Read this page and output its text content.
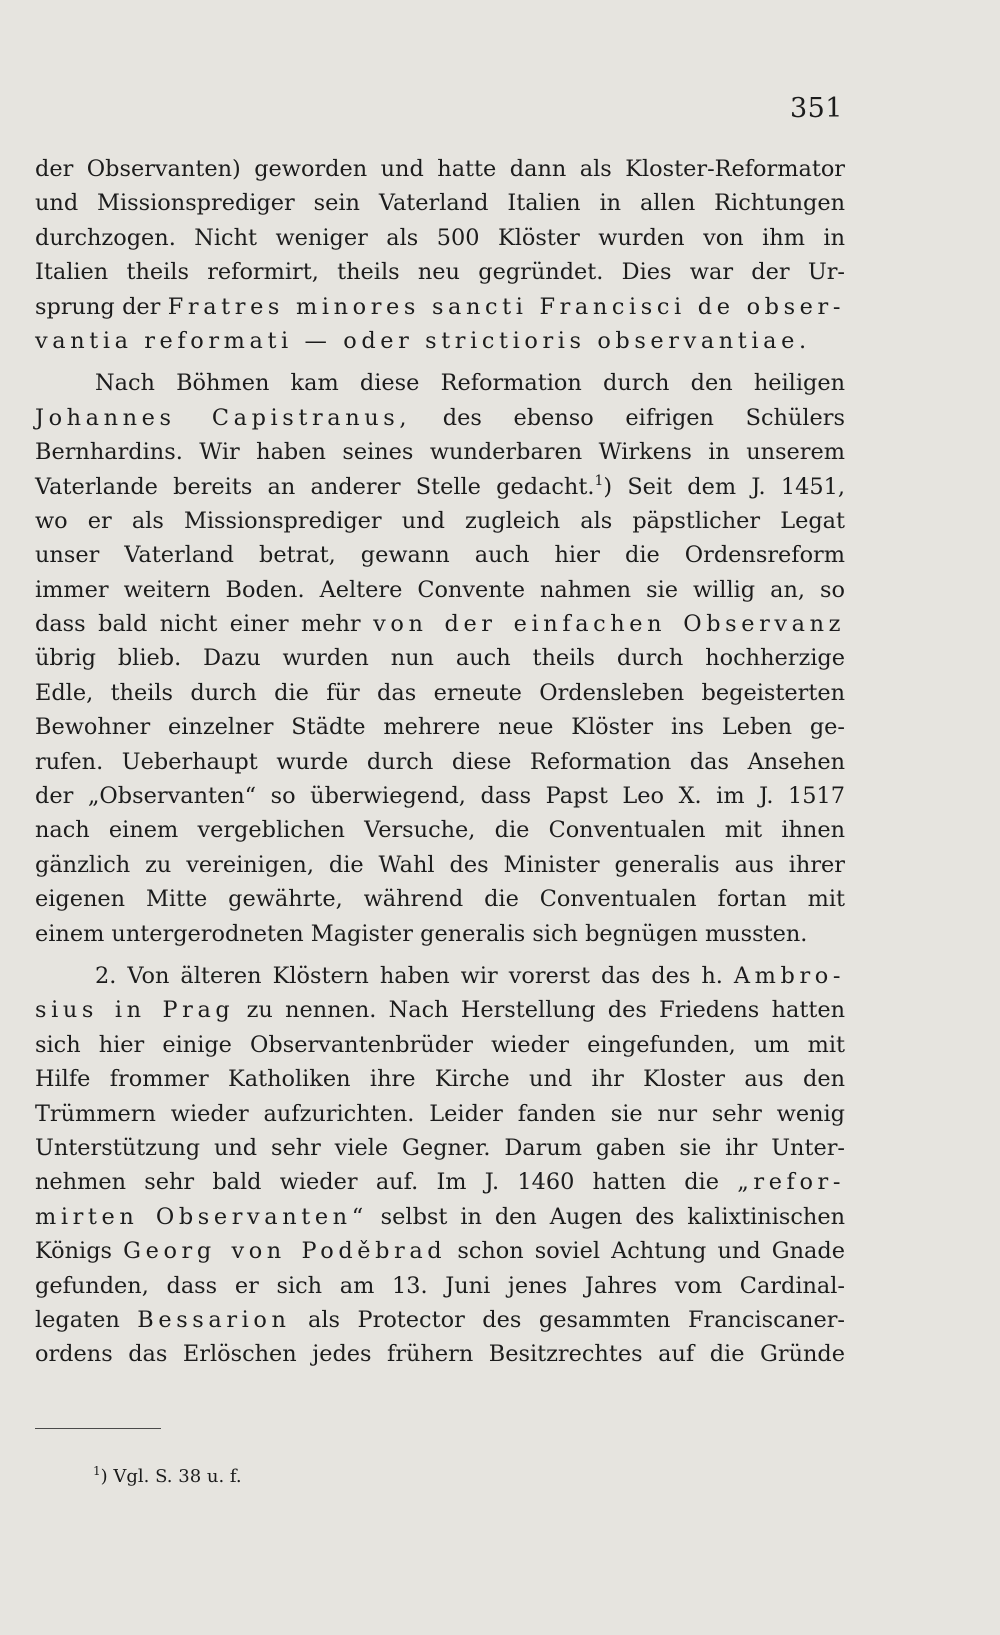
351
der Observanten) geworden und hatte dann als Kloster-Reformator
und Missionsprediger sein Vaterland Italien in allen Richtungen
durchzogen. Nicht weniger als 500 Klöster wurden von ihm in
Italien theils reformirt, theils neu gegründet. Dies war der Ur-
sprung der Fratres minores sancti Francisci de obser-
vantia reformati — oder strictioris observantiae.
Nach Böhmen kam diese Reformation durch den heiligen
Johannes Capistranus, des ebenso eifrigen Schülers
Bernhardins. Wir haben seines wunderbaren Wirkens in unserem
Vaterlande bereits an anderer Stelle gedacht.$^1$) Seit dem J. 1451,
wo er als Missionsprediger und zugleich als päpstlicher Legat
unser Vaterland betrat, gewann auch hier die Ordensreform
immer weitern Boden. Aeltere Convente nahmen sie willig an, so
dass bald nicht einer mehr von der einfachen Observanz
übrig blieb. Dazu wurden nun auch theils durch hochherzige
Edle, theils durch die für das erneute Ordensleben begeisterten
Bewohner einzelner Städte mehrere neue Klöster ins Leben ge-
rufen. Ueberhaupt wurde durch diese Reformation das Ansehen
der „Observanten“ so überwiegend, dass Papst Leo X. im J. 1517
nach einem vergeblichen Versuche, die Conventualen mit ihnen
gänzlich zu vereinigen, die Wahl des Minister generalis aus ihrer
eigenen Mitte gewährte, während die Conventualen fortan mit
einem untergerodneten Magister generalis sich begnügen mussten.
2. Von älteren Klöstern haben wir vorerst das des h. Ambro-
sius in Prag zu nennen. Nach Herstellung des Friedens hatten
sich hier einige Observantenbrüder wieder eingefunden, um mit
Hilfe frommer Katholiken ihre Kirche und ihr Kloster aus den
Trümmern wieder aufzurichten. Leider fanden sie nur sehr wenig
Unterstützung und sehr viele Gegner. Darum gaben sie ihr Unter-
nehmen sehr bald wieder auf. Im J. 1460 hatten die „refor-
mirten Observanten“ selbst in den Augen des kalixtinischen
Königs Georg von Poděbrad schon soviel Achtung und Gnade
gefunden, dass er sich am 13. Juni jenes Jahres vom Cardinal-
legaten Bessarion als Protector des gesammten Franciscaner-
ordens das Erlöschen jedes frühern Besitzrechtes auf die Gründe
$^1$) Vgl. S. 38 u. f.
